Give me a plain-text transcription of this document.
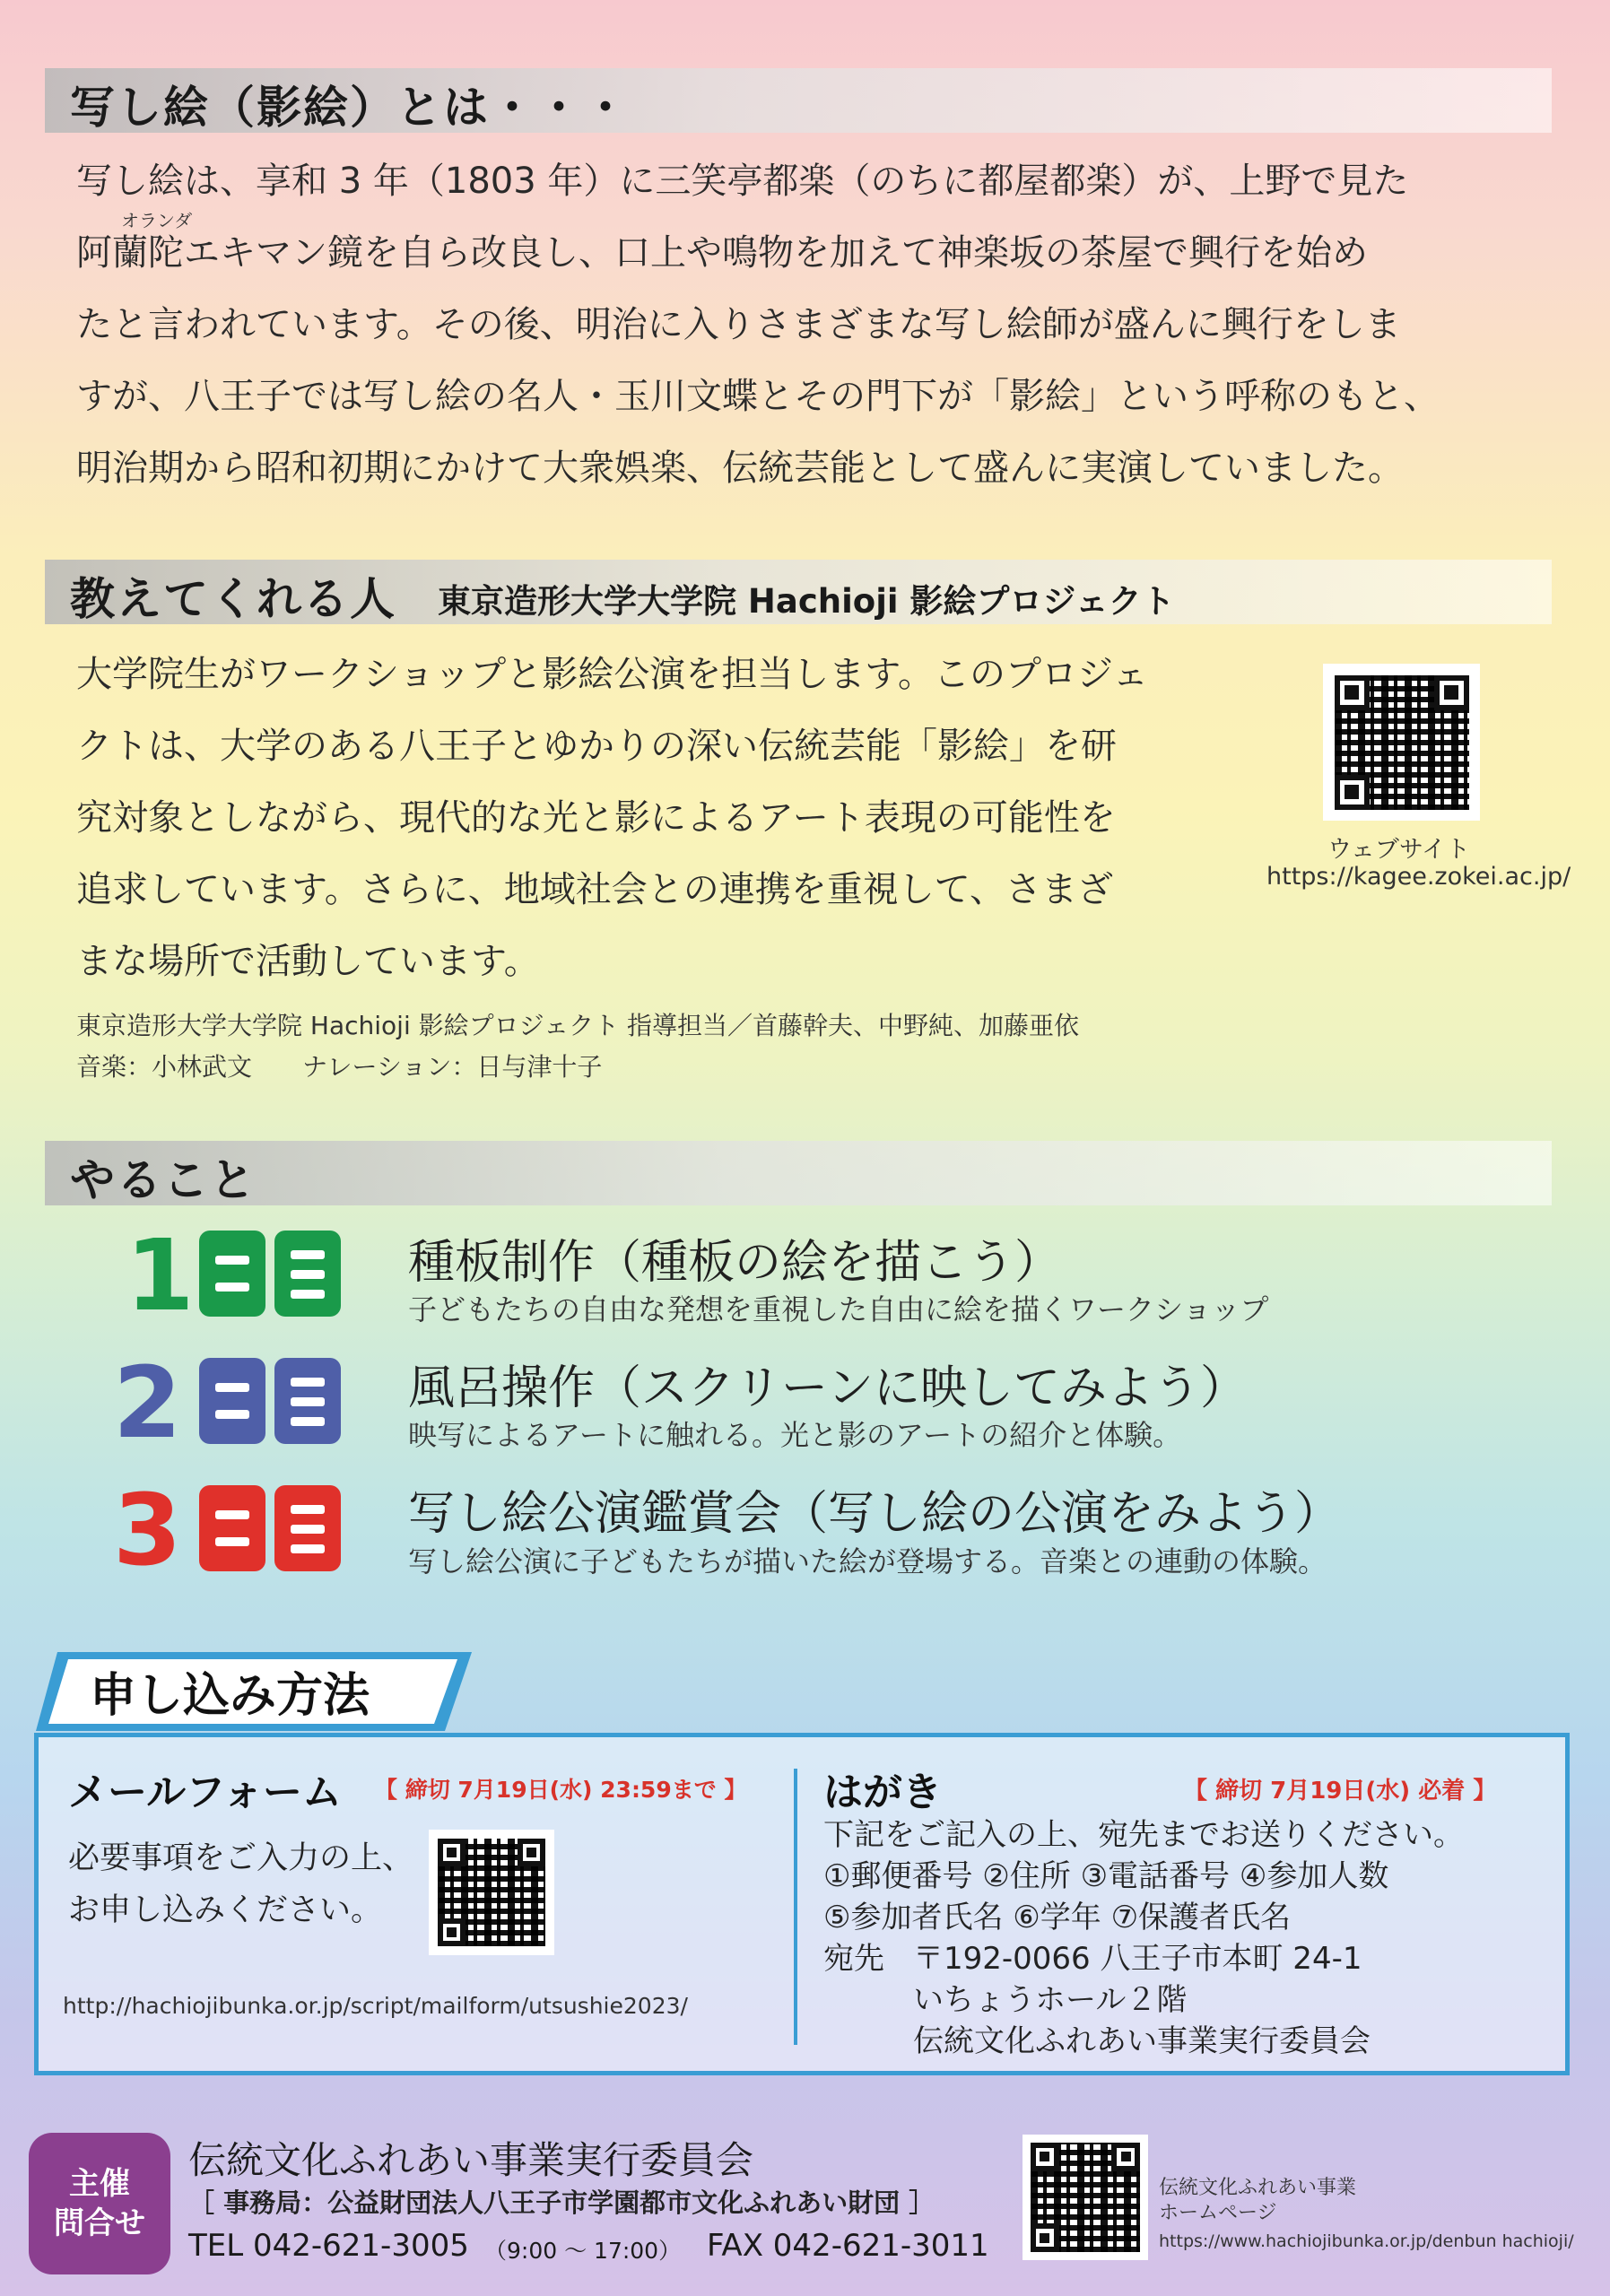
写し絵（影絵）とは・・・
オランダ
写し絵は、享和 3 年（1803 年）に三笑亭都楽（のちに都屋都楽）が、上野で見た
阿蘭陀エキマン鏡を自ら改良し、口上や鳴物を加えて神楽坂の茶屋で興行を始め
たと言われています。その後、明治に入りさまざまな写し絵師が盛んに興行をしま
すが、八王子では写し絵の名人・玉川文蝶とその門下が「影絵」という呼称のもと、
明治期から昭和初期にかけて大衆娯楽、伝統芸能として盛んに実演していました。
教えてくれる人 東京造形大学大学院 Hachioji 影絵プロジェクト
大学院生がワークショップと影絵公演を担当します。このプロジェ
クトは、大学のある八王子とゆかりの深い伝統芸能「影絵」を研
究対象としながら、現代的な光と影によるアート表現の可能性を
追求しています。さらに、地域社会との連携を重視して、さまざ
まな場所で活動しています。
ウェブサイト
https://kagee.zokei.ac.jp/
東京造形大学大学院 Hachioji 影絵プロジェクト 指導担当／首藤幹夫、中野純、加藤亜依
音楽：小林武文　　ナレーション：日与津十子
やること
1	種板制作（種板の絵を描こう）
子どもたちの自由な発想を重視した自由に絵を描くワークショップ
2	風呂操作（スクリーンに映してみよう）
映写によるアートに触れる。光と影のアートの紹介と体験。
3	写し絵公演鑑賞会（写し絵の公演をみよう）
写し絵公演に子どもたちが描いた絵が登場する。音楽との連動の体験。
申し込み方法
メールフォーム 【 締切 7月19日(水) 23:59まで 】
必要事項をご入力の上、
お申し込みください。
http://hachiojibunka.or.jp/script/mailform/utsushie2023/
はがき	【 締切 7月19日(水) 必着 】
下記をご記入の上、宛先までお送りください。
①郵便番号 ②住所 ③電話番号 ④参加人数
⑤参加者氏名 ⑥学年 ⑦保護者氏名
宛先 〒192-0066 八王子市本町 24-1
いちょうホール２階
伝統文化ふれあい事業実行委員会
主催
問合せ
伝統文化ふれあい事業実行委員会
［ 事務局：公益財団法人八王子市学園都市文化ふれあい財団 ］
TEL 042-621-3005 （9:00 ～ 17:00） FAX 042-621-3011
伝統文化ふれあい事業
ホームページ
https://www.hachiojibunka.or.jp/denbun hachioji/
